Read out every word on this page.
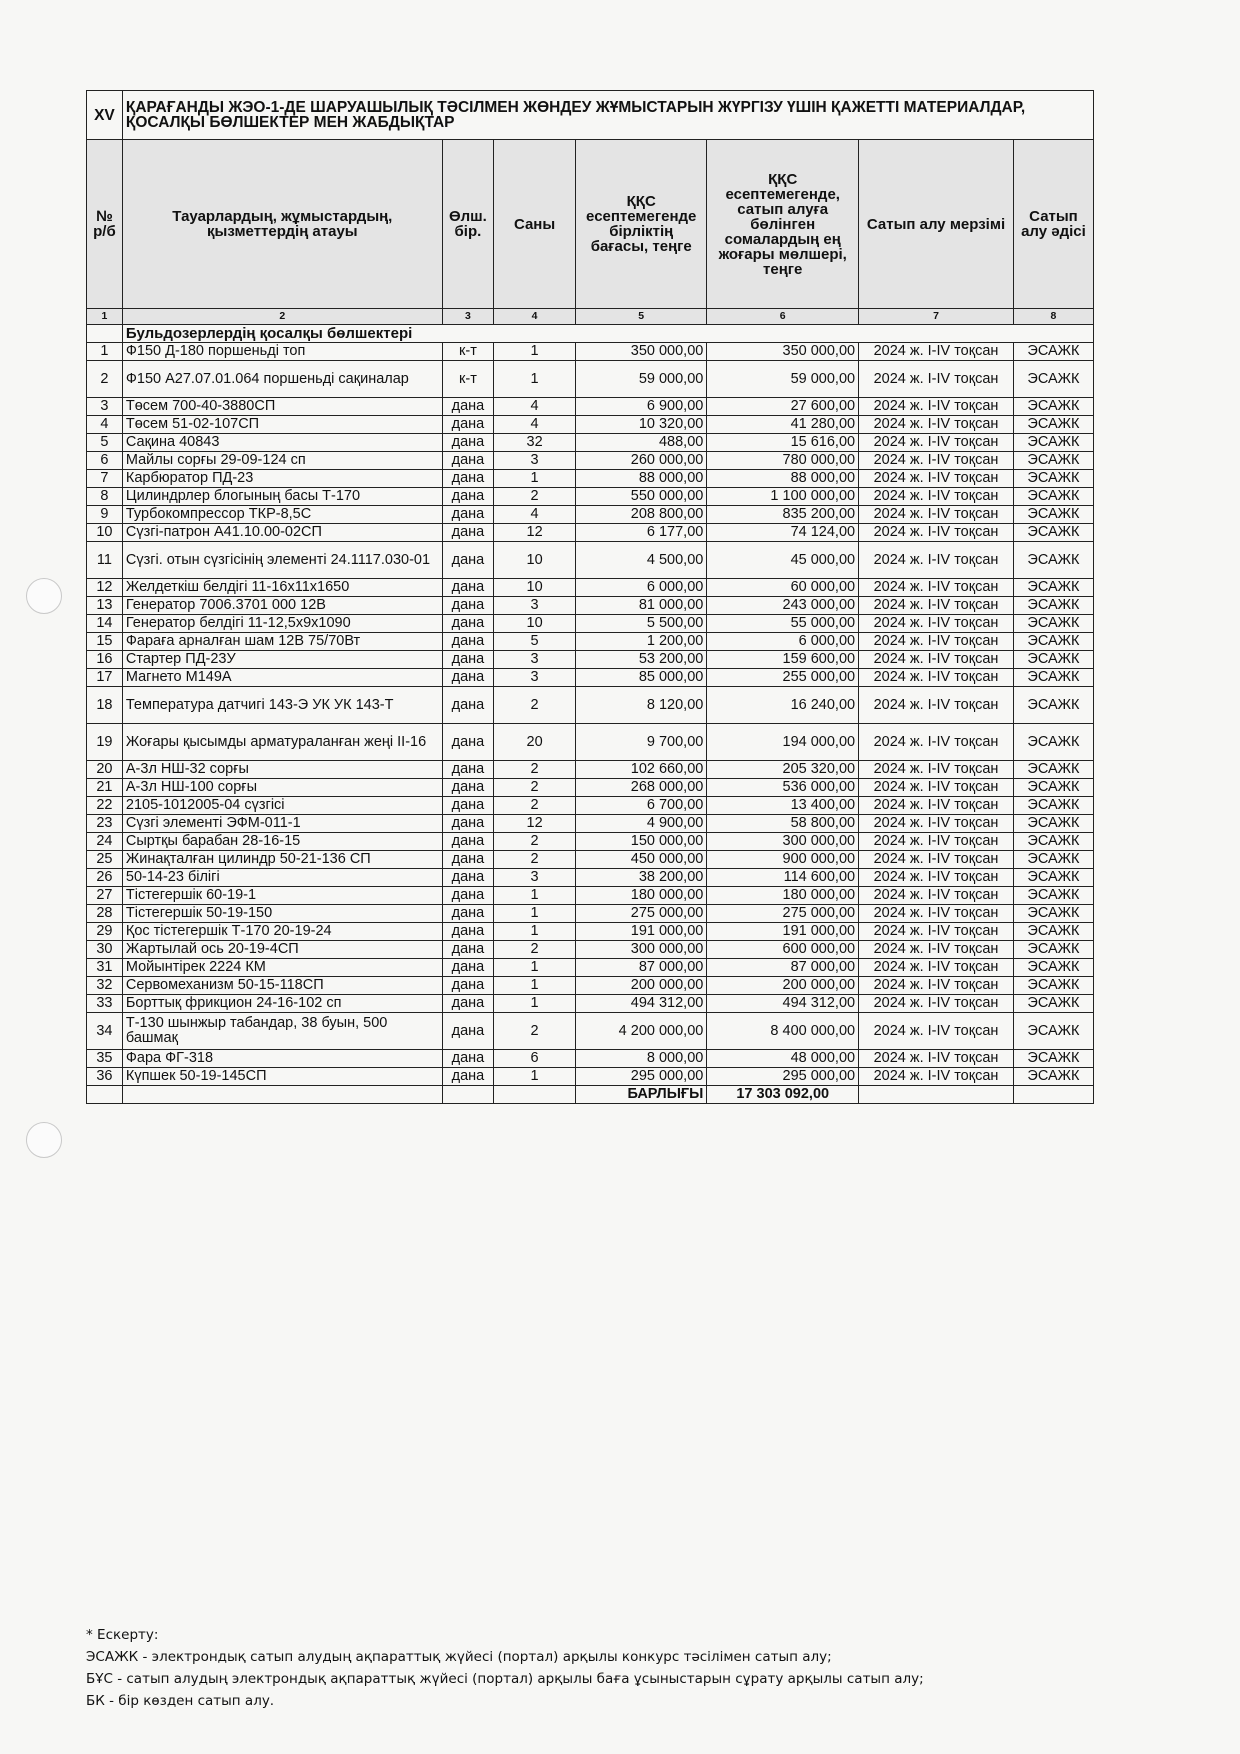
XV	ҚАРАҒАНДЫ ЖЭО-1-ДЕ ШАРУАШЫЛЫҚ ТӘСІЛМЕН ЖӨНДЕУ ЖҰМЫСТАРЫН ЖҮРГІЗУ ҮШІН ҚАЖЕТТІ МАТЕРИАЛДАР, ҚОСАЛҚЫ БӨЛШЕКТЕР МЕН ЖАБДЫҚТАР						
№ р/б	Тауарлардың, жұмыстардың, қызметтердің атауы	Өлш. бір.	Саны	ҚҚС есептемегенде бірліктің бағасы, теңге	ҚҚС есептемегенде, сатып алуға бөлінген сомалардың ең жоғары мөлшері, теңге	Сатып алу мерзімі	Сатып алу әдісі
1	2	3	4	5	6	7	8
	Бульдозерлердің қосалқы бөлшектері						
1	Ф150 Д-180 поршеньді топ	к-т	1	350 000,00	350 000,00	2024 ж. I-IV тоқсан	ЭСАЖК
2	Ф150 А27.07.01.064 поршеньді сақиналар	к-т	1	59 000,00	59 000,00	2024 ж. I-IV тоқсан	ЭСАЖК
3	Төсем 700-40-3880СП	дана	4	6 900,00	27 600,00	2024 ж. I-IV тоқсан	ЭСАЖК
4	Төсем 51-02-107СП	дана	4	10 320,00	41 280,00	2024 ж. I-IV тоқсан	ЭСАЖК
5	Сақина 40843	дана	32	488,00	15 616,00	2024 ж. I-IV тоқсан	ЭСАЖК
6	Майлы сорғы 29-09-124 сп	дана	3	260 000,00	780 000,00	2024 ж. I-IV тоқсан	ЭСАЖК
7	Карбюратор ПД-23	дана	1	88 000,00	88 000,00	2024 ж. I-IV тоқсан	ЭСАЖК
8	Цилиндрлер блогының басы Т-170	дана	2	550 000,00	1 100 000,00	2024 ж. I-IV тоқсан	ЭСАЖК
9	Турбокомпрессор ТКР-8,5С	дана	4	208 800,00	835 200,00	2024 ж. I-IV тоқсан	ЭСАЖК
10	Сүзгі-патрон А41.10.00-02СП	дана	12	6 177,00	74 124,00	2024 ж. I-IV тоқсан	ЭСАЖК
11	Сүзгі. отын сүзгісінің элементі 24.1117.030-01	дана	10	4 500,00	45 000,00	2024 ж. I-IV тоқсан	ЭСАЖК
12	Желдеткіш белдігі 11-16х11х1650	дана	10	6 000,00	60 000,00	2024 ж. I-IV тоқсан	ЭСАЖК
13	Генератор 7006.3701 000 12В	дана	3	81 000,00	243 000,00	2024 ж. I-IV тоқсан	ЭСАЖК
14	Генератор белдігі 11-12,5х9х1090	дана	10	5 500,00	55 000,00	2024 ж. I-IV тоқсан	ЭСАЖК
15	Фараға арналған шам 12В 75/70Вт	дана	5	1 200,00	6 000,00	2024 ж. I-IV тоқсан	ЭСАЖК
16	Стартер ПД-23У	дана	3	53 200,00	159 600,00	2024 ж. I-IV тоқсан	ЭСАЖК
17	Магнето М149А	дана	3	85 000,00	255 000,00	2024 ж. I-IV тоқсан	ЭСАЖК
18	Температура датчигі 143-Э УК УК 143-Т	дана	2	8 120,00	16 240,00	2024 ж. I-IV тоқсан	ЭСАЖК
19	Жоғары қысымды арматураланған жеңі II-16	дана	20	9 700,00	194 000,00	2024 ж. I-IV тоқсан	ЭСАЖК
20	А-3л НШ-32 сорғы	дана	2	102 660,00	205 320,00	2024 ж. I-IV тоқсан	ЭСАЖК
21	А-3л НШ-100 сорғы	дана	2	268 000,00	536 000,00	2024 ж. I-IV тоқсан	ЭСАЖК
22	2105-1012005-04 сүзгісі	дана	2	6 700,00	13 400,00	2024 ж. I-IV тоқсан	ЭСАЖК
23	Сүзгі элементі ЭФМ-011-1	дана	12	4 900,00	58 800,00	2024 ж. I-IV тоқсан	ЭСАЖК
24	Сыртқы барабан 28-16-15	дана	2	150 000,00	300 000,00	2024 ж. I-IV тоқсан	ЭСАЖК
25	Жинақталған цилиндр 50-21-136 СП	дана	2	450 000,00	900 000,00	2024 ж. I-IV тоқсан	ЭСАЖК
26	50-14-23 білігі	дана	3	38 200,00	114 600,00	2024 ж. I-IV тоқсан	ЭСАЖК
27	Тістегершік 60-19-1	дана	1	180 000,00	180 000,00	2024 ж. I-IV тоқсан	ЭСАЖК
28	Тістегершік 50-19-150	дана	1	275 000,00	275 000,00	2024 ж. I-IV тоқсан	ЭСАЖК
29	Қос тістегершік Т-170 20-19-24	дана	1	191 000,00	191 000,00	2024 ж. I-IV тоқсан	ЭСАЖК
30	Жартылай ось 20-19-4СП	дана	2	300 000,00	600 000,00	2024 ж. I-IV тоқсан	ЭСАЖК
31	Мойынтірек 2224 КМ	дана	1	87 000,00	87 000,00	2024 ж. I-IV тоқсан	ЭСАЖК
32	Сервомеханизм 50-15-118СП	дана	1	200 000,00	200 000,00	2024 ж. I-IV тоқсан	ЭСАЖК
33	Борттық фрикцион 24-16-102 сп	дана	1	494 312,00	494 312,00	2024 ж. I-IV тоқсан	ЭСАЖК
34	Т-130 шынжыр табандар, 38 буын, 500 башмақ	дана	2	4 200 000,00	8 400 000,00	2024 ж. I-IV тоқсан	ЭСАЖК
35	Фара ФГ-318	дана	6	8 000,00	48 000,00	2024 ж. I-IV тоқсан	ЭСАЖК
36	Күпшек 50-19-145СП	дана	1	295 000,00	295 000,00	2024 ж. I-IV тоқсан	ЭСАЖК
				БАРЛЫҒЫ	17 303 092,00		
* Ескерту:
ЭСАЖК - электрондық сатып алудың ақпараттық жүйесі (портал) арқылы конкурс тәсілімен сатып алу;
БҰС - сатып алудың электрондық ақпараттық жүйесі (портал) арқылы баға ұсыныстарын сұрату арқылы сатып алу;
БК - бір көзден сатып алу.
